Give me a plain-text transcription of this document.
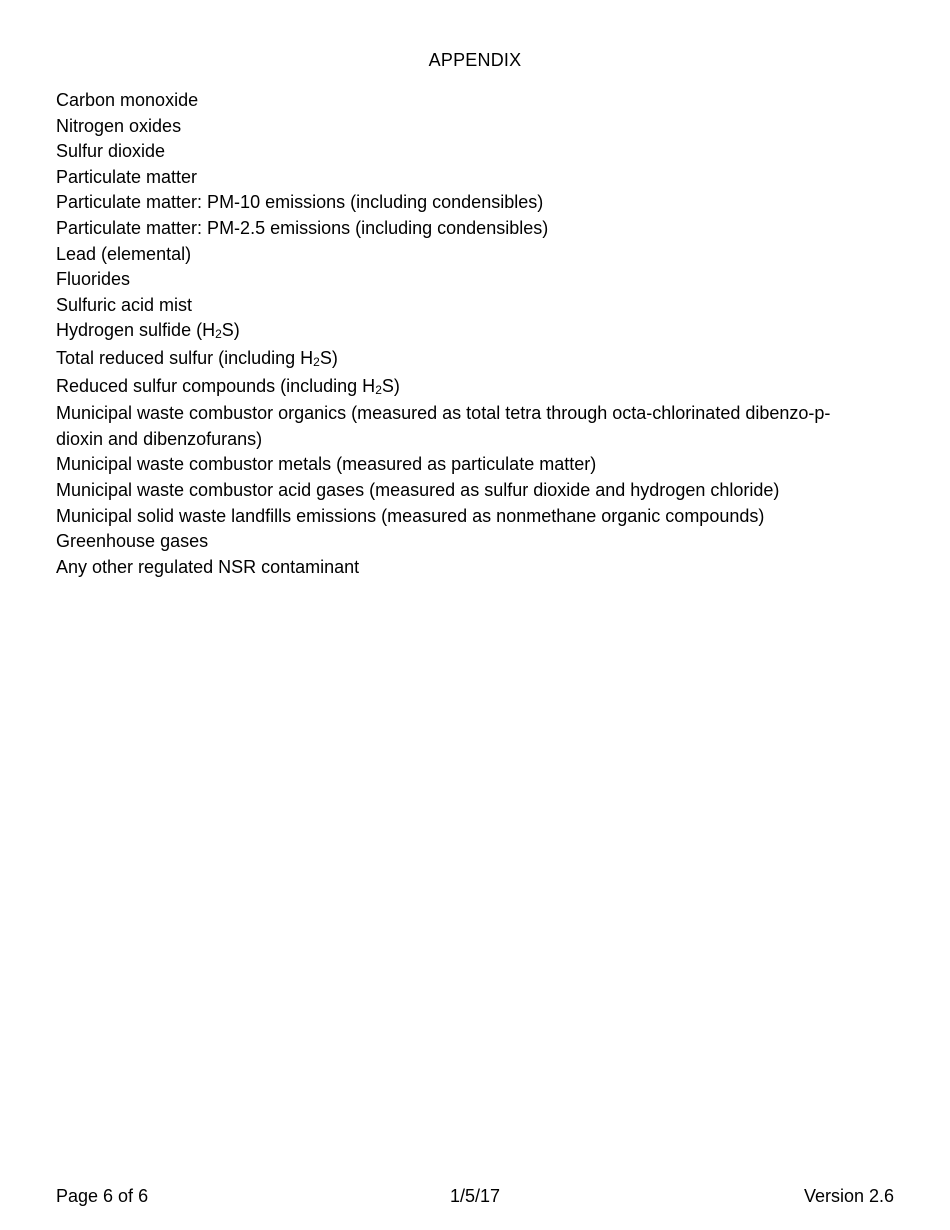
APPENDIX
Carbon monoxide
Nitrogen oxides
Sulfur dioxide
Particulate matter
Particulate matter: PM-10 emissions (including condensibles)
Particulate matter: PM-2.5 emissions (including condensibles)
Lead (elemental)
Fluorides
Sulfuric acid mist
Hydrogen sulfide (H2S)
Total reduced sulfur (including H2S)
Reduced sulfur compounds (including H2S)
Municipal waste combustor organics (measured as total tetra through octa-chlorinated dibenzo-p-dioxin and dibenzofurans)
Municipal waste combustor metals (measured as particulate matter)
Municipal waste combustor acid gases (measured as sulfur dioxide and hydrogen chloride)
Municipal solid waste landfills emissions (measured as nonmethane organic compounds)
Greenhouse gases
Any other regulated NSR contaminant
Page 6 of 6	1/5/17	Version 2.6
